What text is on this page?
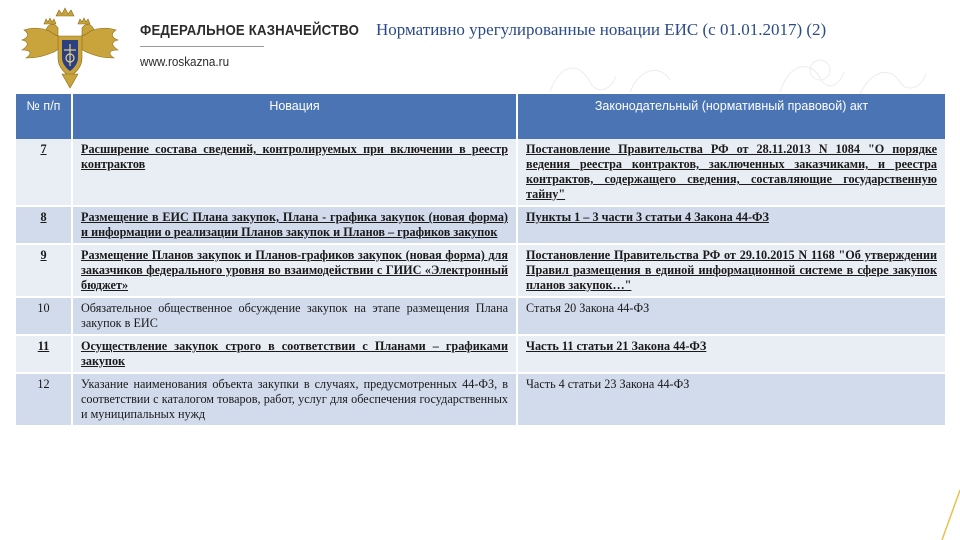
ФЕДЕРАЛЬНОЕ КАЗНАЧЕЙСТВО
www.roskazna.ru
Нормативно урегулированные новации ЕИС (с 01.01.2017) (2)
№ п/п	Новация	Законодательный (нормативный правовой) акт
7	Расширение состава сведений, контролируемых при включении в реестр контрактов	Постановление Правительства РФ от 28.11.2013 N 1084 "О порядке ведения реестра контрактов, заключенных заказчиками, и реестра контрактов, содержащего сведения, составляющие государственную тайну"
8	Размещение в ЕИС Плана закупок, Плана - графика закупок (новая форма) и информации о реализации Планов закупок и Планов – графиков закупок	Пункты 1 – 3 части 3 статьи 4 Закона 44-ФЗ
9	Размещение Планов закупок и Планов-графиков закупок (новая форма) для заказчиков федерального уровня во взаимодействии с ГИИС «Электронный бюджет»	Постановление Правительства РФ от 29.10.2015 N 1168 "Об утверждении Правил размещения в единой информационной системе в сфере закупок планов закупок…"
10	Обязательное общественное обсуждение закупок на этапе размещения Плана закупок в ЕИС	Статья 20 Закона 44-ФЗ
11	Осуществление закупок строго в соответствии с Планами – графиками закупок	Часть 11 статьи 21 Закона 44-ФЗ
12	Указание наименования объекта закупки в случаях, предусмотренных 44-ФЗ, в соответствии с каталогом товаров, работ, услуг для обеспечения государственных и муниципальных нужд	Часть 4 статьи 23 Закона 44-ФЗ
